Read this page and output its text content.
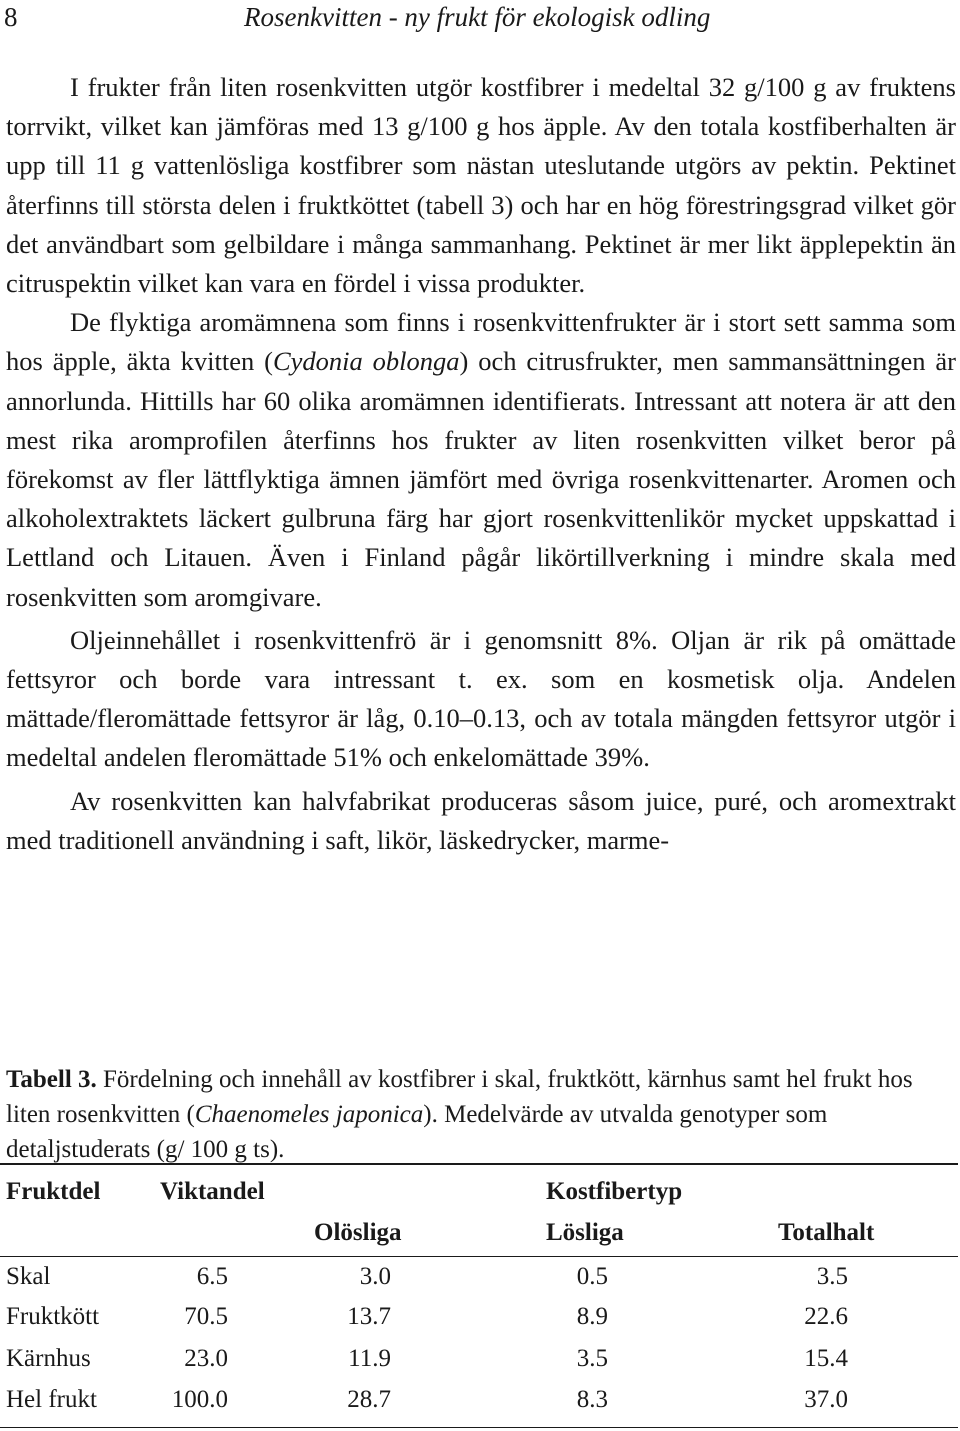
8	Rosenkvitten - ny frukt för ekologisk odling

I frukter från liten rosenkvitten utgör kostfibrer i medeltal 32 g/100 g av fruktens torrvikt, vilket kan jämföras med 13 g/100 g hos äpple. Av den totala kostfiberhalten är upp till 11 g vattenlösliga kostfibrer som nästan uteslutande utgörs av pektin. Pektinet återfinns till största delen i fruktköttet (tabell 3) och har en hög förestringsgrad vilket gör det användbart som gelbildare i många sammanhang. Pektinet är mer likt äpplepektin än citruspektin vilket kan vara en fördel i vissa produkter.

De flyktiga aromämnena som finns i rosenkvittenfrukter är i stort sett samma som hos äpple, äkta kvitten (Cydonia oblonga) och citrusfrukter, men sammansättningen är annorlunda. Hittills har 60 olika aromämnen identifierats. Intressant att notera är att den mest rika aromprofilen återfinns hos frukter av liten rosenkvitten vilket beror på förekomst av fler lättflyktiga ämnen jämfört med övriga rosenkvittenarter. Aromen och alkoholextraktets läckert gulbruna färg har gjort rosenkvittenlikör mycket uppskattad i Lettland och Litauen. Även i Finland pågår likörtillverkning i mindre skala med rosenkvitten som aromgivare.

Oljeinnehållet i rosenkvittenfrö är i genomsnitt 8%. Oljan är rik på omättade fettsyror och borde vara intressant t. ex. som en kosmetisk olja. Andelen mättade/fleromättade fettsyror är låg, 0.10–0.13, och av totala mängden fettsyror utgör i medeltal andelen fleromättade 51% och enkelomättade 39%.

Av rosenkvitten kan halvfabrikat produceras såsom juice, puré, och aromextrakt med traditionell användning i saft, likör, läskedrycker, marme-

Tabell 3. Fördelning och innehåll av kostfibrer i skal, fruktkött, kärnhus samt hel frukt hos liten rosenkvitten (Chaenomeles japonica). Medelvärde av utvalda genotyper som detaljstuderats (g/ 100 g ts).

Fruktdel Viktandel	Kostfibertyp
Olösliga	Lösliga	Totalhalt
Skal	6.5	3.0	0.5	3.5
Fruktkött	70.5	13.7	8.9	22.6
Kärnhus	23.0	11.9	3.5	15.4
Hel frukt	100.0	28.7	8.3	37.0
